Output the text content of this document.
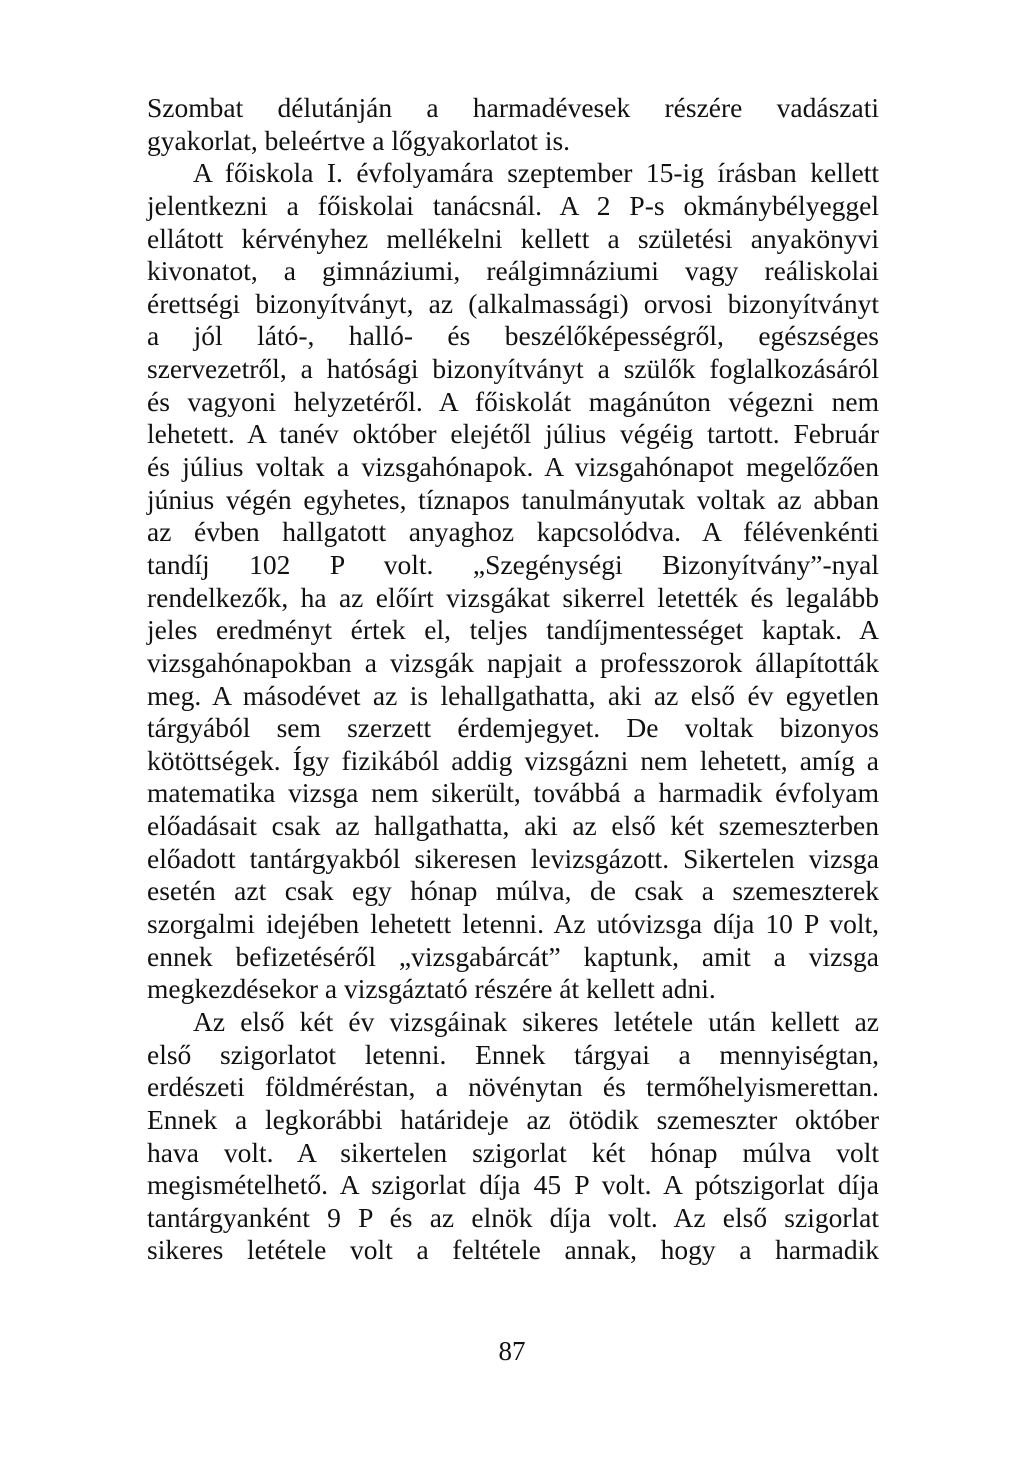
Szombat délutánján a harmadévesek részére vadászati
gyakorlat, beleértve a lőgyakorlatot is.
A főiskola I. évfolyamára szeptember 15-ig írásban kellett
jelentkezni a főiskolai tanácsnál. A 2 P-s okmánybélyeggel
ellátott kérvényhez mellékelni kellett a születési anyakönyvi
kivonatot, a gimnáziumi, reálgimnáziumi vagy reáliskolai
érettségi bizonyítványt, az (alkalmassági) orvosi bizonyítványt
a jól látó-, halló- és beszélőképességről, egészséges
szervezetről, a hatósági bizonyítványt a szülők foglalkozásáról
és vagyoni helyzetéről. A főiskolát magánúton végezni nem
lehetett. A tanév október elejétől július végéig tartott. Február
és július voltak a vizsgahónapok. A vizsgahónapot megelőzően
június végén egyhetes, tíznapos tanulmányutak voltak az abban
az évben hallgatott anyaghoz kapcsolódva. A félévenkénti
tandíj 102 P volt. „Szegénységi Bizonyítvány”-nyal
rendelkezők, ha az előírt vizsgákat sikerrel letették és legalább
jeles eredményt értek el, teljes tandíjmentességet kaptak. A
vizsgahónapokban a vizsgák napjait a professzorok állapították
meg. A másodévet az is lehallgathatta, aki az első év egyetlen
tárgyából sem szerzett érdemjegyet. De voltak bizonyos
kötöttségek. Így fizikából addig vizsgázni nem lehetett, amíg a
matematika vizsga nem sikerült, továbbá a harmadik évfolyam
előadásait csak az hallgathatta, aki az első két szemeszterben
előadott tantárgyakból sikeresen levizsgázott. Sikertelen vizsga
esetén azt csak egy hónap múlva, de csak a szemeszterek
szorgalmi idejében lehetett letenni. Az utóvizsga díja 10 P volt,
ennek befizetéséről „vizsgabárcát” kaptunk, amit a vizsga
megkezdésekor a vizsgáztató részére át kellett adni.
Az első két év vizsgáinak sikeres letétele után kellett az
első szigorlatot letenni. Ennek tárgyai a mennyiségtan,
erdészeti földméréstan, a növénytan és termőhelyismerettan.
Ennek a legkorábbi határideje az ötödik szemeszter október
hava volt. A sikertelen szigorlat két hónap múlva volt
megismételhető. A szigorlat díja 45 P volt. A pótszigorlat díja
tantárgyanként 9 P és az elnök díja volt. Az első szigorlat
sikeres letétele volt a feltétele annak, hogy a harmadik
87
